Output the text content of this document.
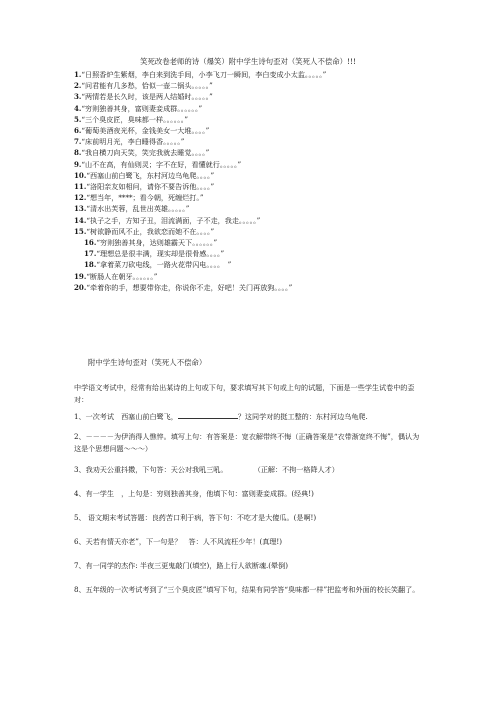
笑死改卷老师的诗（爆笑）附中学生诗句歪对（笑死人不偿命）!!!
1.“日照香炉生紫烟，李白来到洗手间，小李飞刀一瞬间，李白变成小太监。。。。。”
2.“问君能有几多愁，恰似一壶二锅头。。。。。”
3.“两情若是长久时，该是两人结婚时。。。。。”
4.“穷则独善其身，富则妻妾成群。。。。。。”
5.“三个臭皮匠，臭味都一样。。。。。。”
6.“葡萄美酒夜光杯，金钱美女一大堆。。。。”
7.“床前明月光，李白睡得香。。。。。”
8.“我自横刀向天笑，笑完我就去睡觉。。。。”
9.“山不在高，有仙则灵；字不在好，看懂就行。。。。。”
10.“西塞山前白鹭飞，东村河边乌龟爬。。。。”
11.“洛阳亲友如相问，请你不要告诉他。。。。”
12.“想当年，****；看今朝，死缠烂打。”
13.“清水出芙蓉，乱世出英雄。。。。。”
14.“执子之手，方知子丑，泪流满面，子不走，我走。。。。。”
15.“树欲静而风不止，我欲恋而她不在。。。。”
16.“穷则独善其身，达则雄霸天下。。。。。。”
17.“理想总是很丰满，现实却是很骨感。。。。”
18.“拿着菜刀砍电线，一路火花带闪电。。。。　”
19.“断肠人在朝牙。。。。。。”
20.“牵着你的手，想要带你走，你说你不走，好吧！关门再放狗。。。。”
附中学生诗句歪对（笑死人不偿命）
中学语文考试中，经常有给出某诗的上句或下句，要求填写其下句或上句的试题，下面是一些学生试卷中的歪对：
1、一次考试　西塞山前白鹭飞，	？这同学对的挺工整的：东村河边乌龟爬.
2、－－－－为伊消得人憔悴。填写上句：有答案是：宽衣解带终不悔（正确答案是“衣带渐宽终不悔”，偶认为这是个思想问题～～～）
3、我劝天公重抖擞，下句答：天公对我吼三吼。	（正解：不拘一格降人才）
4、有一学生　，上句是：穷则独善其身，他填下句：富则妻妾成群。(经典!)
5、 语文期末考试答题：良药苦口利于病，答下句：不吃才是大傻瓜。(是啊!)
6、天若有情天亦老”，下一句是？　答：人不风流枉少年！(真理!)
7、有一同学的杰作: 半夜三更鬼敲门(填空)，路上行人欲断魂.(晕倒)
8、五年级的一次考试考到了“三个臭皮匠”填写下句，结果有同学答“臭味都一样”把监考和外面的校长笑翻了。
